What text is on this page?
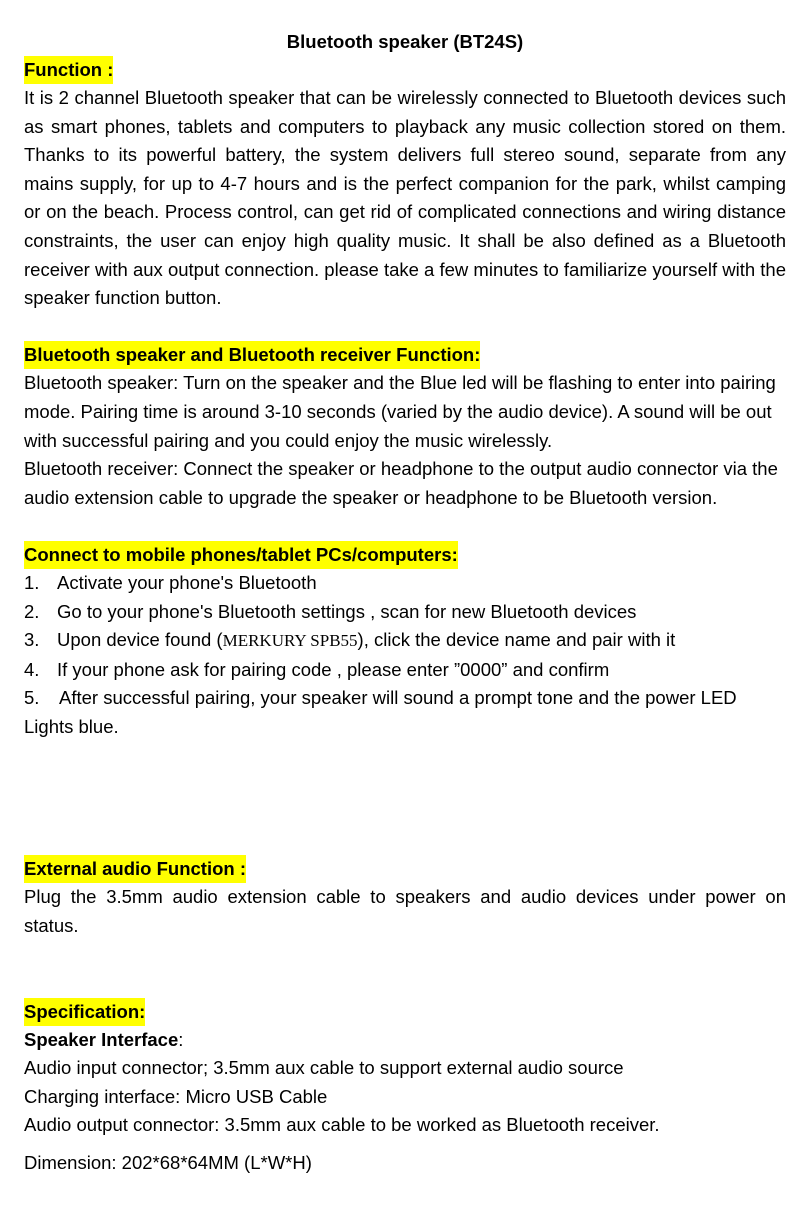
Bluetooth speaker (BT24S)
Function :

It is 2 channel Bluetooth speaker that can be wirelessly connected to Bluetooth devices such as smart phones, tablets and computers to playback any music collection stored on them. Thanks to its powerful battery, the system delivers full stereo sound, separate from any mains supply, for up to 4-7 hours and is the perfect companion for the park, whilst camping or on the beach. Process control, can get rid of complicated connections and wiring distance constraints, the user can enjoy high quality music. It shall be also defined as a Bluetooth receiver with aux output connection. please take a few minutes to familiarize yourself with the speaker function button.

Bluetooth speaker and Bluetooth receiver Function:

Bluetooth speaker: Turn on the speaker and the Blue led will be flashing to enter into pairing mode. Pairing time is around 3-10 seconds (varied by the audio device). A sound will be out with successful pairing and you could enjoy the music wirelessly.

Bluetooth receiver: Connect the speaker or headphone to the output audio connector via the audio extension cable to upgrade the speaker or headphone to be Bluetooth version.

Connect to mobile phones/tablet PCs/computers:
1. Activate your phone's Bluetooth
2. Go to your phone's Bluetooth settings , scan for new Bluetooth devices
3. Upon device found (MERKURY SPB55), click the device name and pair with it
4. If your phone ask for pairing code , please enter ”0000” and confirm
5. After successful pairing, your speaker will sound a prompt tone and the power LED
Lights blue.
External audio Function :

Plug the 3.5mm audio extension cable to speakers and audio devices under power on status.

Specification:
Speaker Interface:
Audio input connector; 3.5mm aux cable to support external audio source
Charging interface: Micro USB Cable
Audio output connector: 3.5mm aux cable to be worked as Bluetooth receiver.
Dimension: 202*68*64MM (L*W*H)
